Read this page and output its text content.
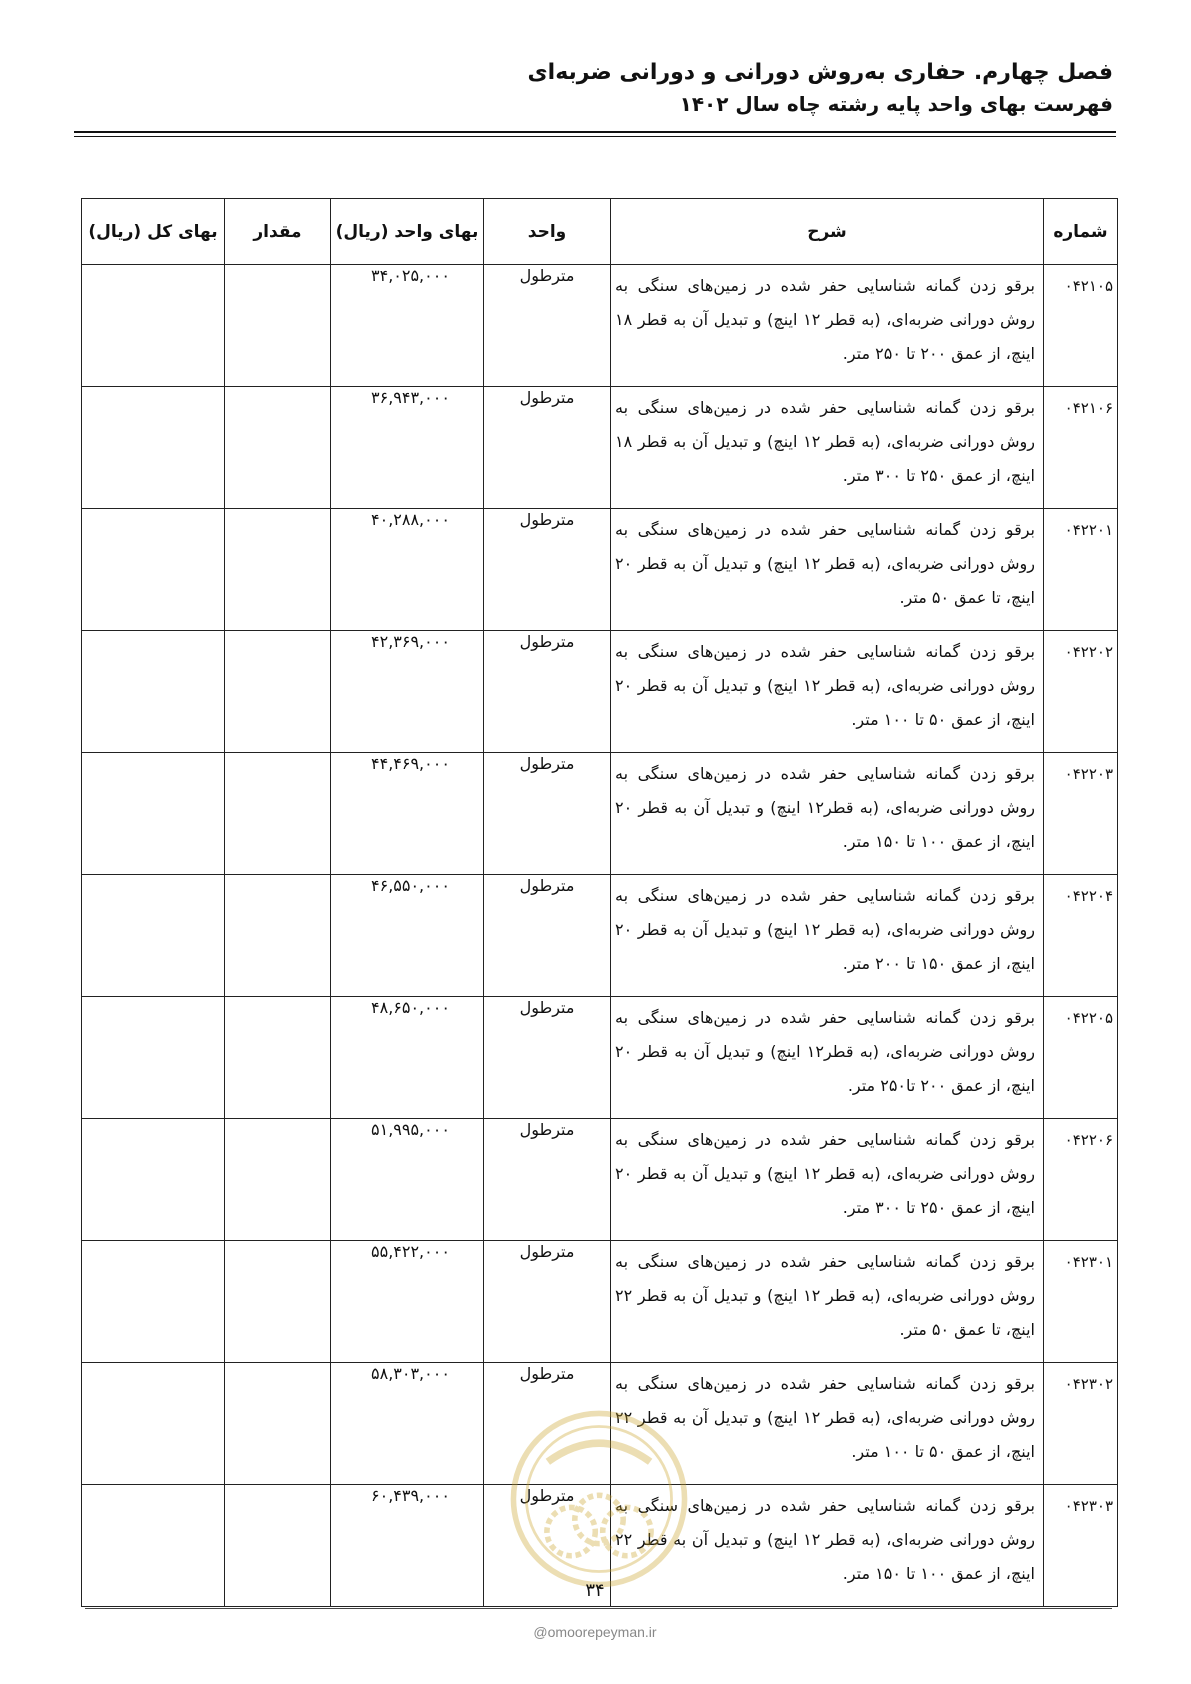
فصل چهارم. حفاری به‌روش دورانی و دورانی ضربه‌ای
فهرست بهای واحد پایه رشته چاه سال ۱۴۰۲
شماره	شرح	واحد	بهای واحد (ریال)	مقدار	بهای کل (ریال)
۰۴۲۱۰۵	برقو زدن گمانه شناسایی حفر شده در زمین‌های سنگی به روش دورانی ضربه‌ای، (به قطر ۱۲ اینچ) و تبدیل آن به قطر ۱۸ اینچ، از عمق ۲۰۰ تا ۲۵۰ متر.	مترطول	۳۴,۰۲۵,۰۰۰		
۰۴۲۱۰۶	برقو زدن گمانه شناسایی حفر شده در زمین‌های سنگی به روش دورانی ضربه‌ای، (به قطر ۱۲ اینچ) و تبدیل آن به قطر ۱۸ اینچ، از عمق ۲۵۰ تا ۳۰۰ متر.	مترطول	۳۶,۹۴۳,۰۰۰		
۰۴۲۲۰۱	برقو زدن گمانه شناسایی حفر شده در زمین‌های سنگی به روش دورانی ضربه‌ای، (به قطر ۱۲ اینچ) و تبدیل آن به قطر ۲۰ اینچ، تا عمق ۵۰ متر.	مترطول	۴۰,۲۸۸,۰۰۰		
۰۴۲۲۰۲	برقو زدن گمانه شناسایی حفر شده در زمین‌های سنگی به روش دورانی ضربه‌ای، (به قطر ۱۲ اینچ) و تبدیل آن به قطر ۲۰ اینچ، از عمق ۵۰ تا ۱۰۰ متر.	مترطول	۴۲,۳۶۹,۰۰۰		
۰۴۲۲۰۳	برقو زدن گمانه شناسایی حفر شده در زمین‌های سنگی به روش دورانی ضربه‌ای، (به قطر۱۲ اینچ) و تبدیل آن به قطر ۲۰ اینچ، از عمق ۱۰۰ تا ۱۵۰ متر.	مترطول	۴۴,۴۶۹,۰۰۰		
۰۴۲۲۰۴	برقو زدن گمانه شناسایی حفر شده در زمین‌های سنگی به روش دورانی ضربه‌ای، (به قطر ۱۲ اینچ) و تبدیل آن به قطر ۲۰ اینچ، از عمق ۱۵۰ تا ۲۰۰ متر.	مترطول	۴۶,۵۵۰,۰۰۰		
۰۴۲۲۰۵	برقو زدن گمانه شناسایی حفر شده در زمین‌های سنگی به روش دورانی ضربه‌ای، (به قطر۱۲ اینچ) و تبدیل آن به قطر ۲۰ اینچ، از عمق ۲۰۰ تا۲۵۰ متر.	مترطول	۴۸,۶۵۰,۰۰۰		
۰۴۲۲۰۶	برقو زدن گمانه شناسایی حفر شده در زمین‌های سنگی به روش دورانی ضربه‌ای، (به قطر ۱۲ اینچ) و تبدیل آن به قطر ۲۰ اینچ، از عمق ۲۵۰ تا ۳۰۰ متر.	مترطول	۵۱,۹۹۵,۰۰۰		
۰۴۲۳۰۱	برقو زدن گمانه شناسایی حفر شده در زمین‌های سنگی به روش دورانی ضربه‌ای، (به قطر ۱۲ اینچ) و تبدیل آن به قطر ۲۲ اینچ، تا عمق ۵۰ متر.	مترطول	۵۵,۴۲۲,۰۰۰		
۰۴۲۳۰۲	برقو زدن گمانه شناسایی حفر شده در زمین‌های سنگی به روش دورانی ضربه‌ای، (به قطر ۱۲ اینچ) و تبدیل آن به قطر ۲۲ اینچ، از عمق ۵۰ تا ۱۰۰ متر.	مترطول	۵۸,۳۰۳,۰۰۰		
۰۴۲۳۰۳	برقو زدن گمانه شناسایی حفر شده در زمین‌های سنگی به روش دورانی ضربه‌ای، (به قطر ۱۲ اینچ) و تبدیل آن به قطر ۲۲ اینچ، از عمق ۱۰۰ تا ۱۵۰ متر.	مترطول	۶۰,۴۳۹,۰۰۰		
۳۴
@omoorepeyman.ir
